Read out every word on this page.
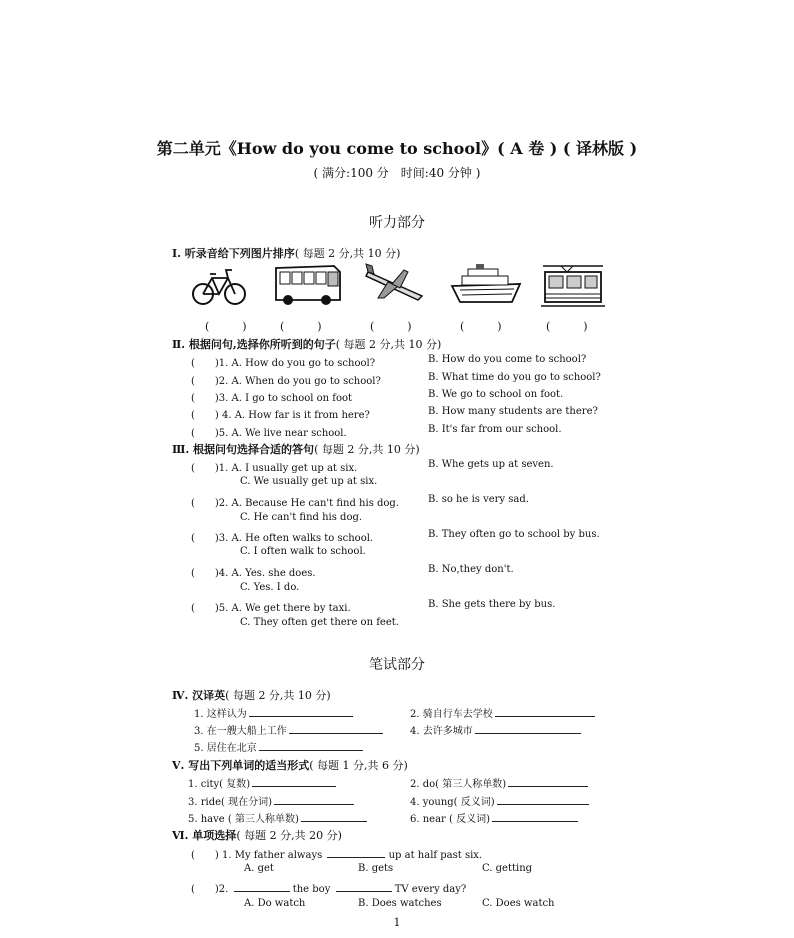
第二单元《How do you come to school》( A 卷 ) ( 译林版 )
( 满分:100 分　时间:40 分钟 )
听力部分
Ⅰ. 听录音给下列图片排序( 每题 2 分,共 10 分)
(　　　)	(　　　)	(　　　)	(　　　)	(　　　)
Ⅱ. 根据问句,选择你所听到的句子( 每题 2 分,共 10 分)
(　　)1. A. How do you go to school?	B. How do you come to school?
(　　)2. A. When do you go to school?	B. What time do you go to school?
(　　)3. A. I go to school on foot	B. We go to school on foot.
(　　) 4. A. How far is it from here?	B. How many students are there?
(　　)5. A. We live near school.	B. It's far from our school.
Ⅲ. 根据问句选择合适的答句( 每题 2 分,共 10 分)
(　　)1. A. I usually get up at six.	B. Whe gets up at seven.
C. We usually get up at six.
(　　)2. A. Because He can't find his dog.	B. so he is very sad.
C. He can't find his dog.
(　　)3. A. He often walks to school.	B. They often go to school by bus.
C. I often walk to school.
(　　)4. A. Yes. she does.	B. No,they don't.
C. Yes. I do.
(　　)5. A. We get there by taxi.	B. She gets there by bus.
C. They often get there on feet.
笔试部分
Ⅳ. 汉译英( 每题 2 分,共 10 分)
1. 这样认为	2. 骑自行车去学校
3. 在一艘大船上工作	4. 去许多城市
5. 居住在北京
Ⅴ. 写出下列单词的适当形式( 每题 1 分,共 6 分)
1. city( 复数)	2. do( 第三人称单数)
3. ride( 现在分词)	4. young( 反义词)
5. have ( 第三人称单数)	6. near ( 反义词)
Ⅵ. 单项选择( 每题 2 分,共 20 分)
(　　) 1. My father always	up at half past six.
A. get	B. gets	C. getting
(　　)2.	the boy	TV every day?
A. Do watch	B. Does watches	C. Does watch
1
